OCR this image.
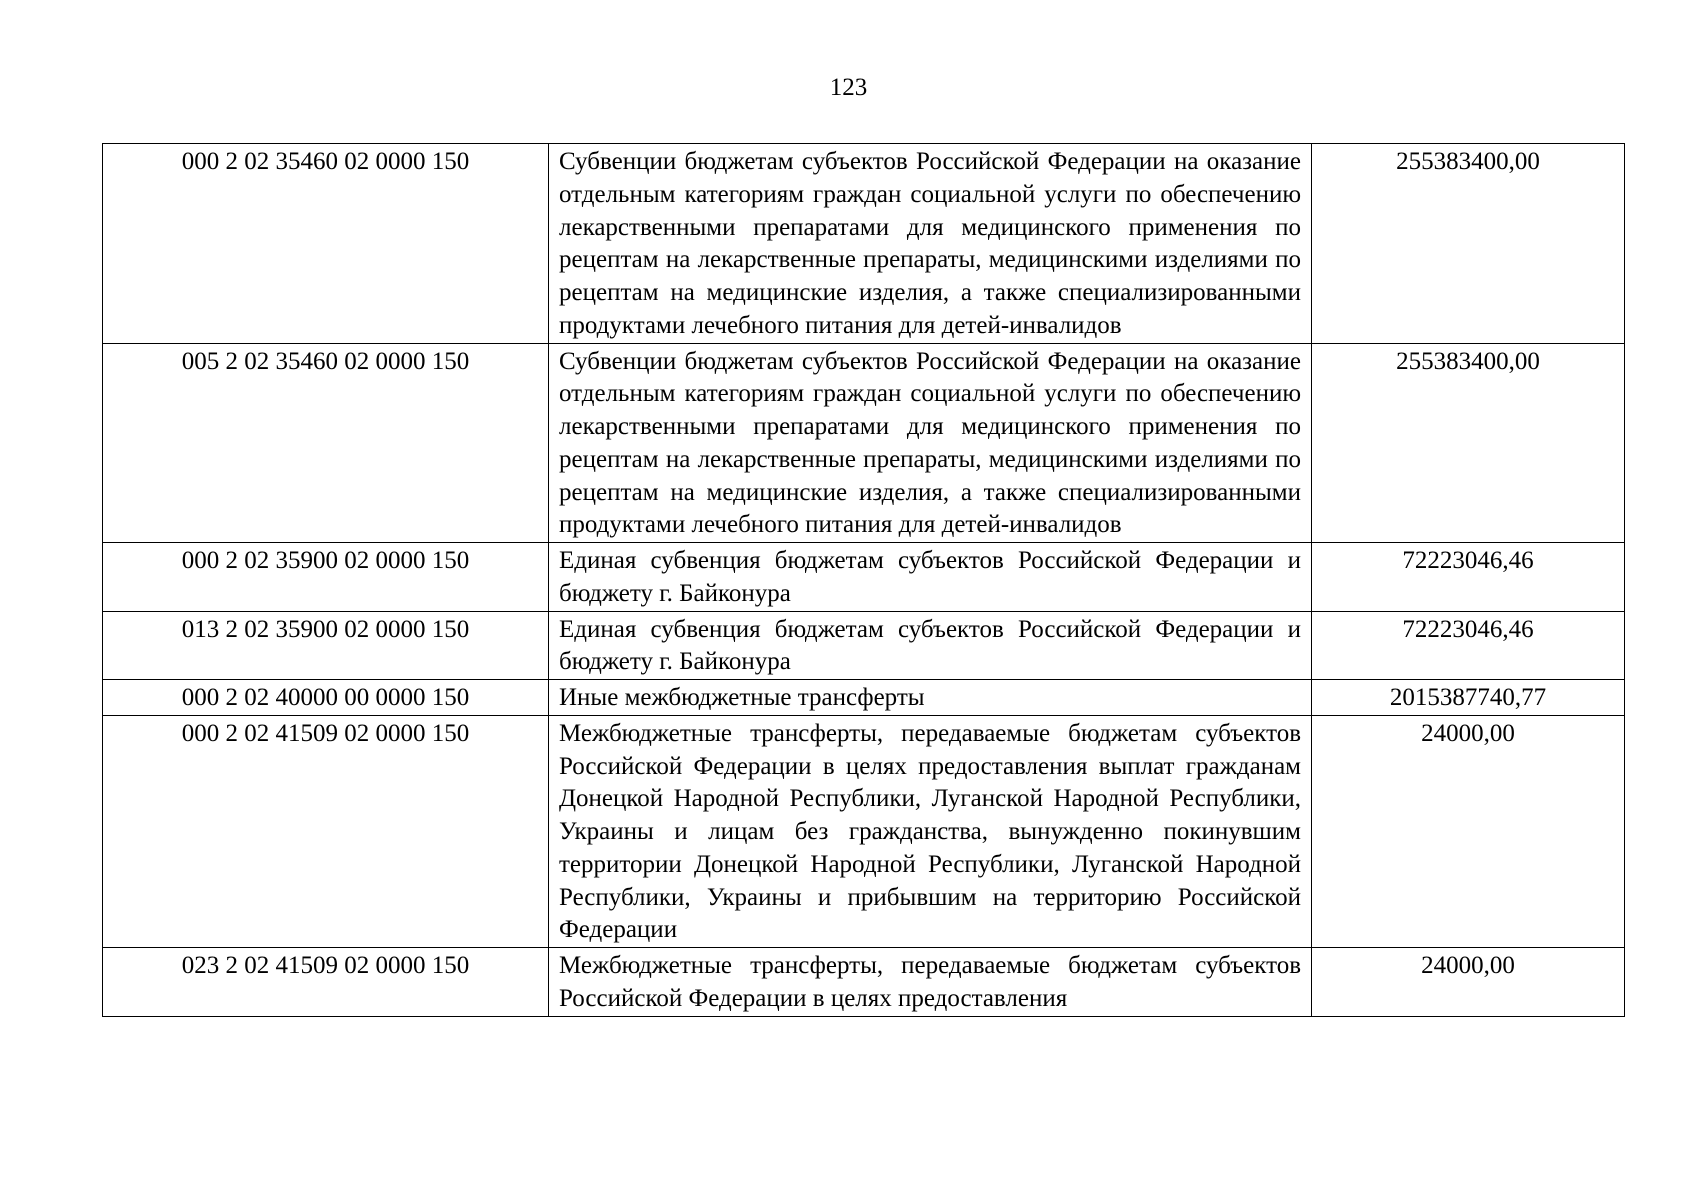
123
000 2 02 35460 02 0000 150	Субвенции бюджетам субъектов Российской Федерации на оказание отдельным категориям граждан социальной услуги по обеспечению лекарственными препаратами для медицинского применения по рецептам на лекарственные препараты, медицинскими изделиями по рецептам на медицинские изделия, а также специализированными продуктами лечебного питания для детей-инвалидов	255383400,00
005 2 02 35460 02 0000 150	Субвенции бюджетам субъектов Российской Федерации на оказание отдельным категориям граждан социальной услуги по обеспечению лекарственными препаратами для медицинского применения по рецептам на лекарственные препараты, медицинскими изделиями по рецептам на медицинские изделия, а также специализированными продуктами лечебного питания для детей-инвалидов	255383400,00
000 2 02 35900 02 0000 150	Единая субвенция бюджетам субъектов Российской Федерации и бюджету г. Байконура	72223046,46
013 2 02 35900 02 0000 150	Единая субвенция бюджетам субъектов Российской Федерации и бюджету г. Байконура	72223046,46
000 2 02 40000 00 0000 150	Иные межбюджетные трансферты	2015387740,77
000 2 02 41509 02 0000 150	Межбюджетные трансферты, передаваемые бюджетам субъектов Российской Федерации в целях предоставления выплат гражданам Донецкой Народной Республики, Луганской Народной Республики, Украины и лицам без гражданства, вынужденно покинувшим территории Донецкой Народной Республики, Луганской Народной Республики, Украины и прибывшим на территорию Российской Федерации	24000,00
023 2 02 41509 02 0000 150	Межбюджетные трансферты, передаваемые бюджетам субъектов Российской Федерации в целях предоставления	24000,00
